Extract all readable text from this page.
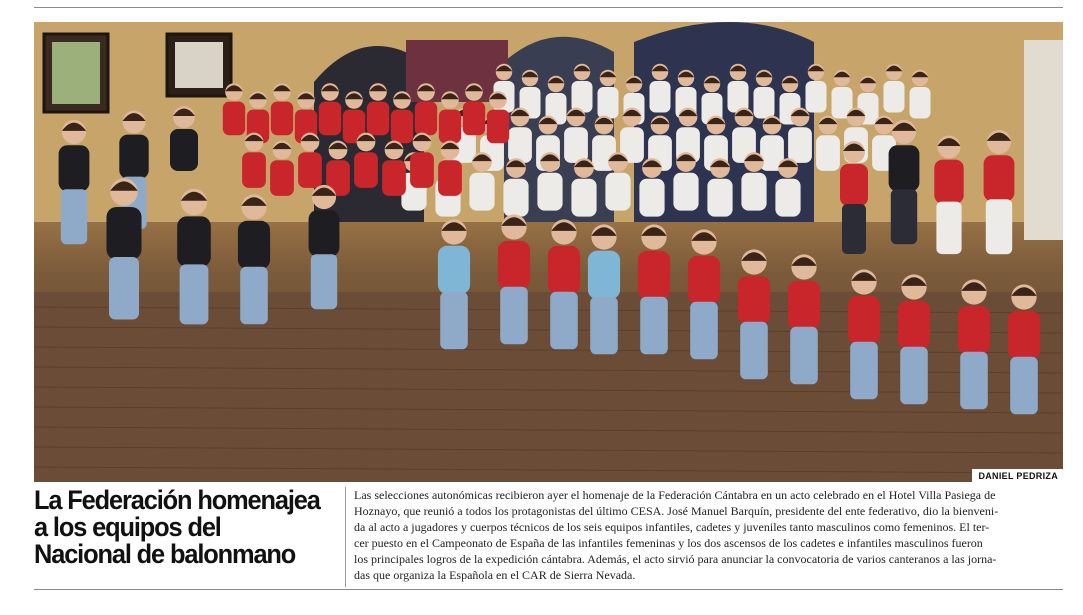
DANIEL PEDRIZA
La Federación homenajea
a los equipos del
Nacional de balonmano
Las selecciones autonómicas recibieron ayer el homenaje de la Federación Cántabra en un acto celebrado en el Hotel Villa Pasiega de
Hoznayo, que reunió a todos los protagonistas del último CESA. José Manuel Barquín, presidente del ente federativo, dio la bienveni-
da al acto a jugadores y cuerpos técnicos de los seis equipos infantiles, cadetes y juveniles tanto masculinos como femeninos. El ter-
cer puesto en el Campeonato de España de las infantiles femeninas y los dos ascensos de los cadetes e infantiles masculinos fueron
los principales logros de la expedición cántabra. Además, el acto sirvió para anunciar la convocatoria de varios canteranos a las jorna-
das que organiza la Española en el CAR de Sierra Nevada.
